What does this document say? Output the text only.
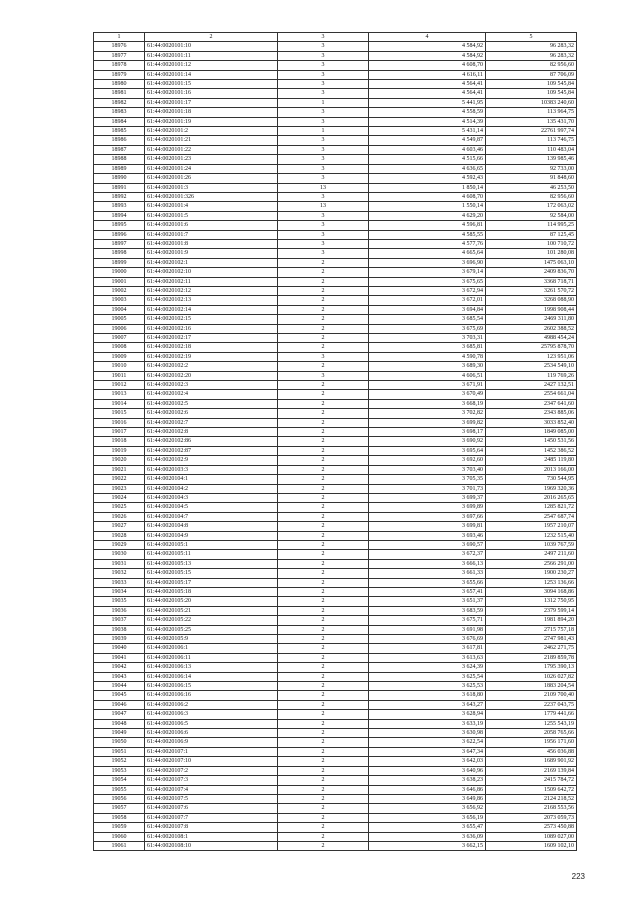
1	2	3	4	5
18976	61:44:0020101:10	3	4 584,92	96 283,32
18977	61:44:0020101:11	3	4 584,92	96 283,32
18978	61:44:0020101:12	3	4 608,70	82 956,60
18979	61:44:0020101:14	3	4 616,11	87 706,09
18980	61:44:0020101:15	3	4 564,41	109 545,84
18981	61:44:0020101:16	3	4 564,41	109 545,84
18982	61:44:0020101:17	1	5 441,95	10383 240,60
18983	61:44:0020101:18	3	4 558,59	113 964,75
18984	61:44:0020101:19	3	4 514,39	135 431,70
18985	61:44:0020101:2	1	5 431,14	22761 997,74
18986	61:44:0020101:21	3	4 549,87	113 746,75
18987	61:44:0020101:22	3	4 603,46	110 483,04
18988	61:44:0020101:23	3	4 515,66	139 985,46
18989	61:44:0020101:24	3	4 636,65	92 733,00
18990	61:44:0020101:26	3	4 592,43	91 848,60
18991	61:44:0020101:3	13	1 850,14	46 253,50
18992	61:44:0020101:326	3	4 608,70	82 956,60
18993	61:44:0020101:4	13	1 550,14	172 063,02
18994	61:44:0020101:5	3	4 629,20	92 584,00
18995	61:44:0020101:6	3	4 596,81	114 995,25
18996	61:44:0020101:7	3	4 585,55	87 125,45
18997	61:44:0020101:8	3	4 577,76	100 710,72
18998	61:44:0020101:9	3	4 665,64	101 280,08
18999	61:44:0020102:1	2	3 696,90	1475 063,10
19000	61:44:0020102:10	2	3 679,14	2409 836,70
19001	61:44:0020102:11	2	3 675,65	3368 718,71
19002	61:44:0020102:12	2	3 672,94	3261 570,72
19003	61:44:0020102:13	2	3 672,01	3268 088,90
19004	61:44:0020102:14	2	3 694,84	1998 908,44
19005	61:44:0020102:15	2	3 685,54	2469 311,80
19006	61:44:0020102:16	2	3 675,69	2602 388,52
19007	61:44:0020102:17	2	3 703,31	4988 454,24
19008	61:44:0020102:18	2	3 685,81	25795 878,70
19009	61:44:0020102:19	3	4 590,78	123 951,06
19010	61:44:0020102:2	2	3 689,30	2534 549,10
19011	61:44:0020102:20	3	4 606,51	119 769,26
19012	61:44:0020102:3	2	3 671,91	2427 132,51
19013	61:44:0020102:4	2	3 670,49	2554 661,04
19014	61:44:0020102:5	2	3 668,19	2347 641,60
19015	61:44:0020102:6	2	3 702,82	2343 885,06
19016	61:44:0020102:7	2	3 699,82	3033 852,40
19017	61:44:0020102:8	2	3 698,17	1849 085,00
19018	61:44:0020102:86	2	3 690,92	1450 531,56
19019	61:44:0020102:87	2	3 695,64	1452 386,52
19020	61:44:0020102:9	2	3 692,60	2485 119,80
19021	61:44:0020103:3	2	3 703,40	2013 166,00
19022	61:44:0020104:1	2	3 705,35	730 544,95
19023	61:44:0020104:2	2	3 701,73	1969 320,36
19024	61:44:0020104:3	2	3 699,37	2016 265,65
19025	61:44:0020104:5	2	3 699,89	1285 821,72
19026	61:44:0020104:7	2	3 697,66	2547 687,74
19027	61:44:0020104:8	2	3 699,81	1957 210,07
19028	61:44:0020104:9	2	3 693,46	1232 515,40
19029	61:44:0020105:1	2	3 690,57	1039 767,59
19030	61:44:0020105:11	2	3 672,37	2497 211,60
19031	61:44:0020105:13	2	3 666,13	2566 291,00
19032	61:44:0020105:15	2	3 661,33	1900 230,27
19033	61:44:0020105:17	2	3 655,66	1253 136,66
19034	61:44:0020105:18	2	3 657,41	3094 168,86
19035	61:44:0020105:20	2	3 651,37	1312 750,95
19036	61:44:0020105:21	2	3 683,59	2379 599,14
19037	61:44:0020105:22	2	3 675,71	1981 894,20
19038	61:44:0020105:25	2	3 691,98	2715 757,18
19039	61:44:0020105:9	2	3 676,69	2747 981,43
19040	61:44:0020106:1	2	3 617,81	2462 271,75
19041	61:44:0020106:11	2	3 613,63	2189 859,78
19042	61:44:0020106:13	2	3 624,39	1795 390,13
19043	61:44:0020106:14	2	3 625,54	1026 027,82
19044	61:44:0020106:15	2	3 625,53	1883 204,54
19045	61:44:0020106:16	2	3 618,80	2109 700,40
19046	61:44:0020106:2	2	3 643,27	2237 043,75
19047	61:44:0020106:3	2	3 628,94	1779 441,66
19048	61:44:0020106:5	2	3 633,19	1255 543,19
19049	61:44:0020106:6	2	3 630,98	2058 765,66
19050	61:44:0020106:9	2	3 622,54	1956 171,60
19051	61:44:0020107:1	2	3 647,34	456 036,88
19052	61:44:0020107:10	2	3 642,03	1689 901,92
19053	61:44:0020107:2	2	3 640,96	2169 139,84
19054	61:44:0020107:3	2	3 638,23	2415 784,72
19055	61:44:0020107:4	2	3 646,86	1509 642,72
19056	61:44:0020107:5	2	3 649,86	2124 218,52
19057	61:44:0020107:6	2	3 656,92	2168 553,56
19058	61:44:0020107:7	2	3 656,19	2073 059,73
19059	61:44:0020107:8	2	3 655,47	2573 450,88
19060	61:44:0020108:1	2	3 636,09	1089 027,00
19061	61:44:0020108:10	2	3 662,15	1609 102,10
223
